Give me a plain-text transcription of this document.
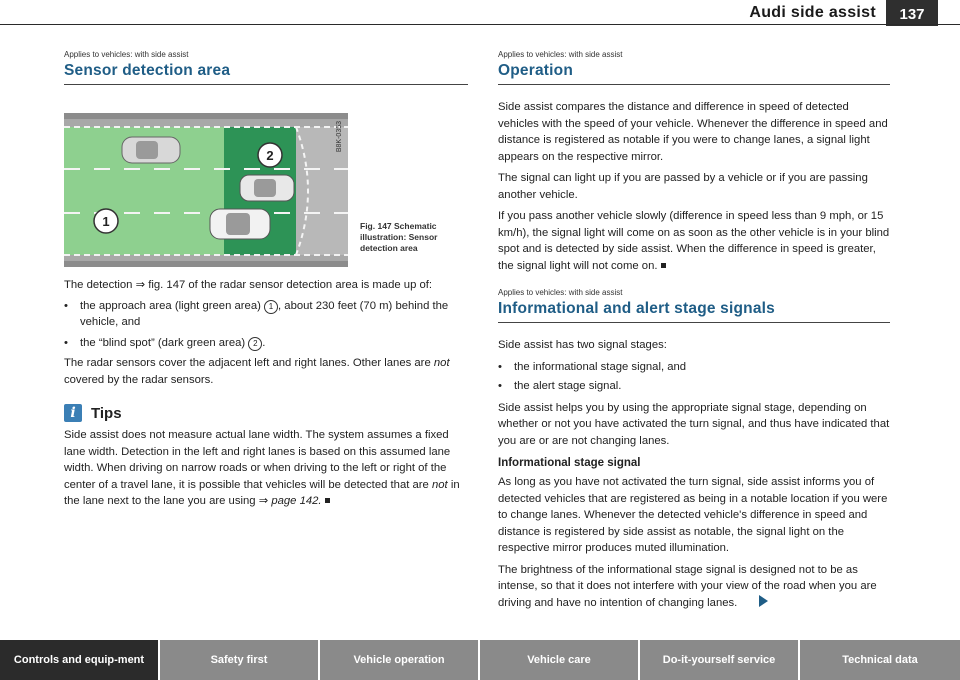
Audi side assist	137
Applies to vehicles: with side assist
Sensor detection area
1
2
B8K-0353
Fig. 147 Schematic illustration: Sensor detection area

The detection ⇒ fig. 147 of the radar sensor detection area is made up of:

•	the approach area (light green area) 1 , about 230 feet (70 m) behind the vehicle, and
•	the “blind spot” (dark green area) 2 .

The radar sensors cover the adjacent left and right lanes. Other lanes are not covered by the radar sensors.

i	Tips

Side assist does not measure actual lane width. The system assumes a fixed lane width. Detection in the left and right lanes is based on this assumed lane width. When driving on narrow roads or when driving to the left or right of the center of a travel lane, it is possible that vehicles will be detected that are not in the lane next to the lane you are using ⇒ page 142.

Applies to vehicles: with side assist
Operation

Side assist compares the distance and difference in speed of detected vehicles with the speed of your vehicle. Whenever the difference in speed and distance is registered as notable if you were to change lanes, a signal light appears on the respective mirror.

The signal can light up if you are passed by a vehicle or if you are passing another vehicle.

If you pass another vehicle slowly (difference in speed less than 9 mph, or 15 km/h), the signal light will come on as soon as the other vehicle is in your blind spot and is detected by side assist. When the difference in speed is greater, the signal light will not come on.

Applies to vehicles: with side assist
Informational and alert stage signals

Side assist has two signal stages:

•	the informational stage signal, and
•	the alert stage signal.

Side assist helps you by using the appropriate signal stage, depending on whether or not you have activated the turn signal, and thus have indicated that you are or are not changing lanes.

Informational stage signal

As long as you have not activated the turn signal, side assist informs you of detected vehicles that are registered as being in a notable location if you were to change lanes. Whenever the detected vehicle's difference in speed and distance is registered by side assist as notable, the signal light on the respective mirror produces muted illumination.

The brightness of the informational stage signal is designed not to be as intense, so that it does not interfere with your view of the road when you are driving and have no intention of changing lanes.

Controls and equip-ment	Safety first	Vehicle operation	Vehicle care	Do-it-yourself service	Technical data
